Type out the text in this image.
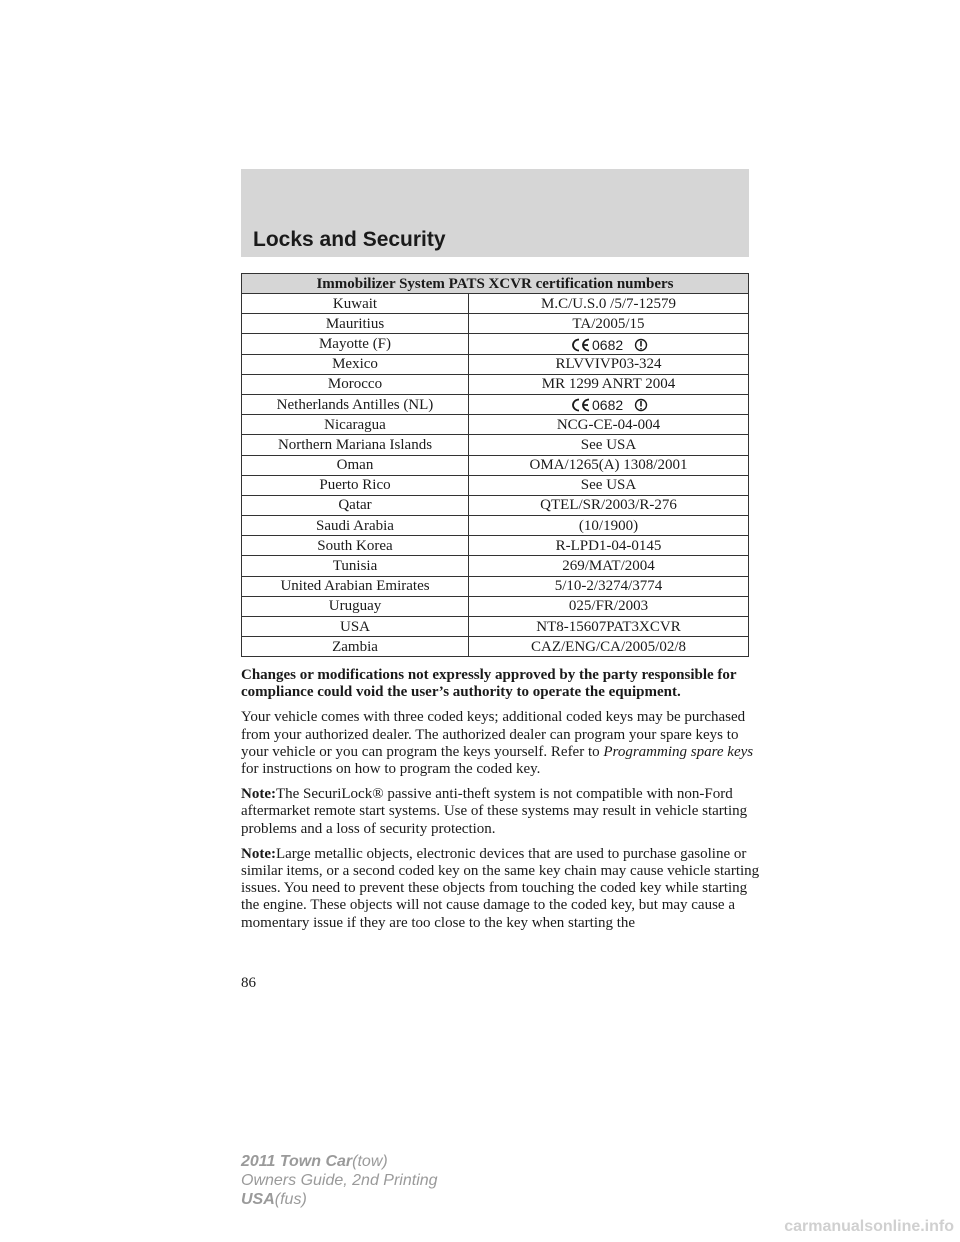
Locks and Security
Immobilizer System PATS XCVR certification numbers	
Kuwait	M.C/U.S.0 /5/7-12579
Mauritius	TA/2005/15
Mayotte (F)	0682

Mexico	RLVVIVP03-324
Morocco	MR 1299 ANRT 2004
Netherlands Antilles (NL)	0682

Nicaragua	NCG-CE-04-004
Northern Mariana Islands	See USA
Oman	OMA/1265(A) 1308/2001
Puerto Rico	See USA
Qatar	QTEL/SR/2003/R-276
Saudi Arabia	(10/1900)
South Korea	R-LPD1-04-0145
Tunisia	269/MAT/2004
United Arabian Emirates	5/10-2/3274/3774
Uruguay	025/FR/2003
USA	NT8-15607PAT3XCVR
Zambia	CAZ/ENG/CA/2005/02/8

Changes or modifications not expressly approved by the party responsible for compliance could void the user’s authority to operate the equipment.

Your vehicle comes with three coded keys; additional coded keys may be purchased from your authorized dealer. The authorized dealer can program your spare keys to your vehicle or you can program the keys yourself. Refer to Programming spare keys for instructions on how to program the coded key.

Note:The SecuriLock® passive anti-theft system is not compatible with non-Ford aftermarket remote start systems. Use of these systems may result in vehicle starting problems and a loss of security protection.

Note:Large metallic objects, electronic devices that are used to purchase gasoline or similar items, or a second coded key on the same key chain may cause vehicle starting issues. You need to prevent these objects from touching the coded key while starting the engine. These objects will not cause damage to the coded key, but may cause a momentary issue if they are too close to the key when starting the

86
2011 Town Car(tow)
Owners Guide, 2nd Printing
USA(fus)
carmanualsonline.info
